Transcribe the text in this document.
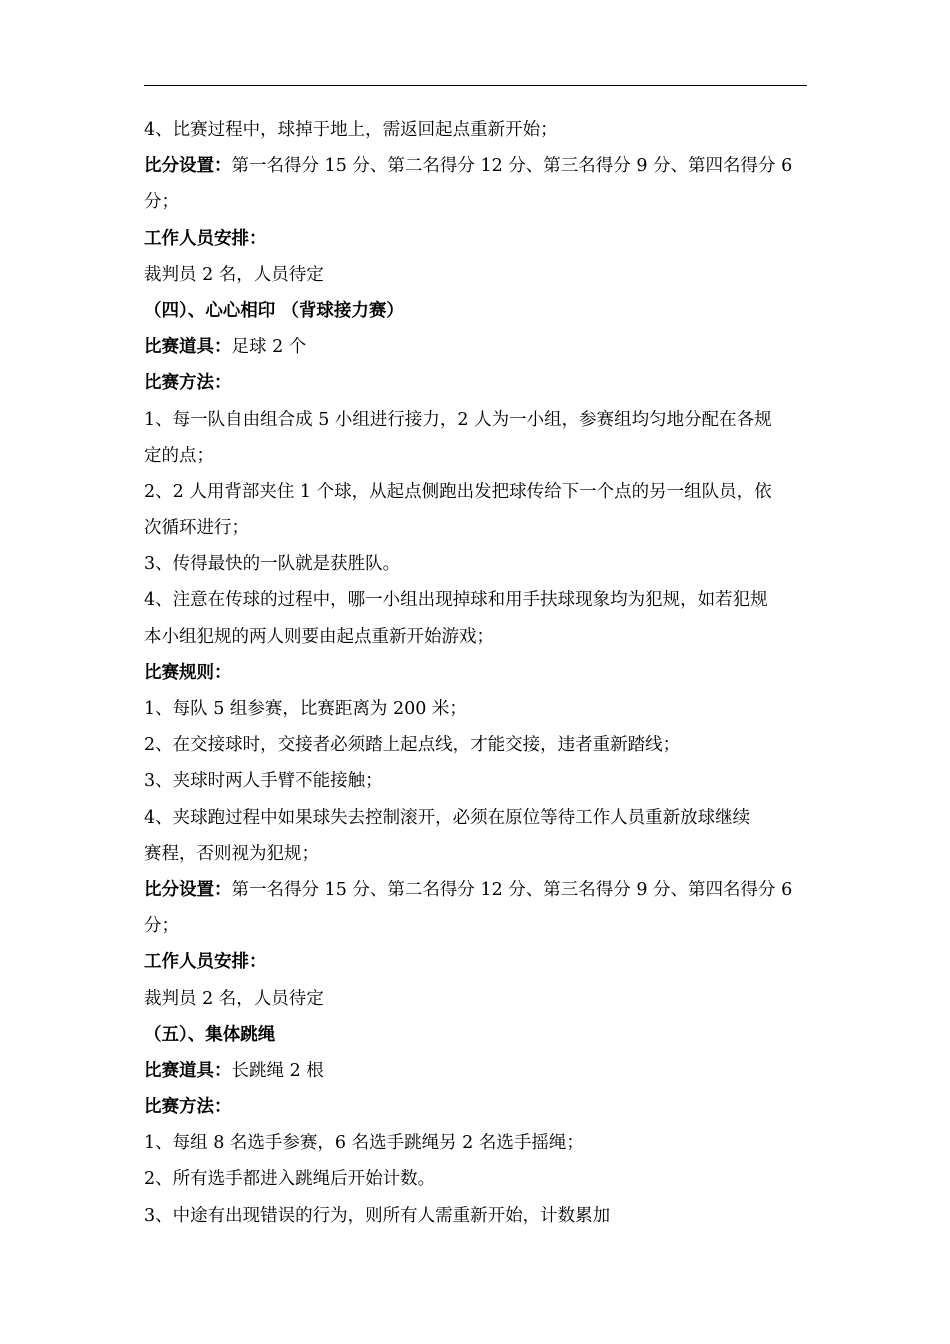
4、比赛过程中，球掉于地上，需返回起点重新开始；
比分设置：第一名得分 15 分、第二名得分 12 分、第三名得分 9 分、第四名得分 6
分；
工作人员安排：
裁判员 2 名，人员待定
（四）、心心相印 （背球接力赛）
比赛道具：足球 2 个
比赛方法：
1、每一队自由组合成 5 小组进行接力，2 人为一小组，参赛组均匀地分配在各规
定的点；
2、2 人用背部夹住 1 个球，从起点侧跑出发把球传给下一个点的另一组队员，依
次循环进行；
3、传得最快的一队就是获胜队。
4、注意在传球的过程中，哪一小组出现掉球和用手扶球现象均为犯规，如若犯规
本小组犯规的两人则要由起点重新开始游戏；
比赛规则：
1、每队 5 组参赛，比赛距离为 200 米；
2、在交接球时，交接者必须踏上起点线，才能交接，违者重新踏线；
3、夹球时两人手臂不能接触；
4、夹球跑过程中如果球失去控制滚开，必须在原位等待工作人员重新放球继续
赛程，否则视为犯规；
比分设置：第一名得分 15 分、第二名得分 12 分、第三名得分 9 分、第四名得分 6
分；
工作人员安排：
裁判员 2 名，人员待定
（五）、集体跳绳
比赛道具：长跳绳 2 根
比赛方法：
1、每组 8 名选手参赛，6 名选手跳绳另 2 名选手摇绳；
2、所有选手都进入跳绳后开始计数。
3、中途有出现错误的行为，则所有人需重新开始，计数累加
